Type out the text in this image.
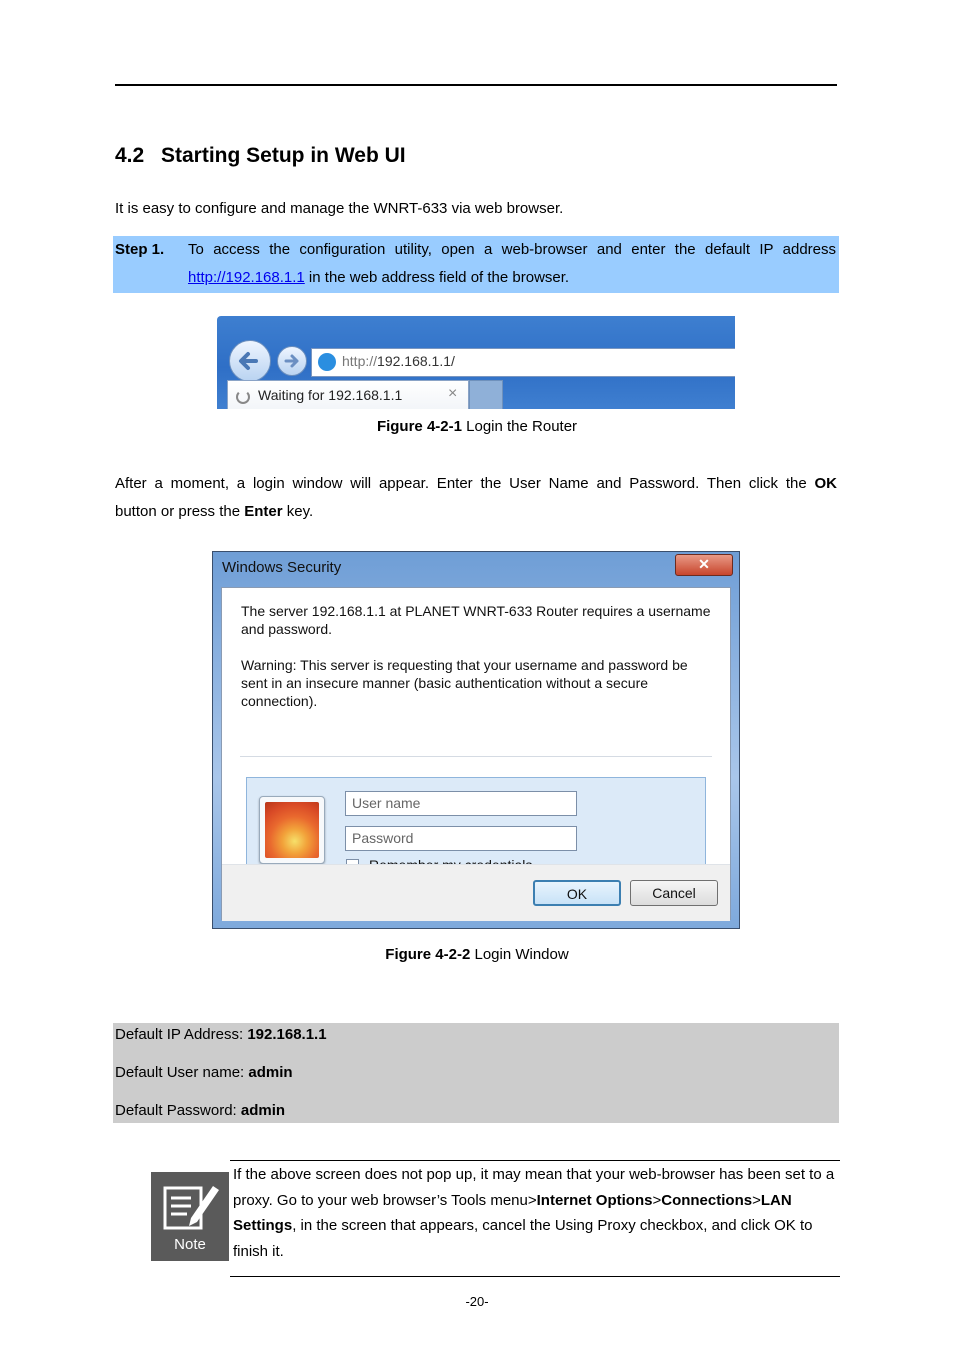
4.2 Starting Setup in Web UI
It is easy to configure and manage the WNRT-633 via web browser.
Step 1. To access the configuration utility, open a web-browser and enter the default IP address
http://192.168.1.1 in the web address field of the browser.
http://192.168.1.1/
Waiting for 192.168.1.1	×
Figure 4-2-1 Login the Router
After a moment, a login window will appear. Enter the User Name and Password. Then click the OK
button or press the Enter key.
Windows Security	✕
The server 192.168.1.1 at PLANET WNRT-633 Router requires a username and password.
Warning: This server is requesting that your username and password be sent in an insecure manner (basic authentication without a secure connection).
User name
Password
OK	Cancel
Figure 4-2-2 Login Window
Default IP Address: 192.168.1.1
Default User name: admin
Default Password: admin
Note
If the above screen does not pop up, it may mean that your web-browser has been set to a proxy. Go to your web browser’s Tools menu>Internet Options>Connections>LAN Settings, in the screen that appears, cancel the Using Proxy checkbox, and click OK to finish it.
-20-
